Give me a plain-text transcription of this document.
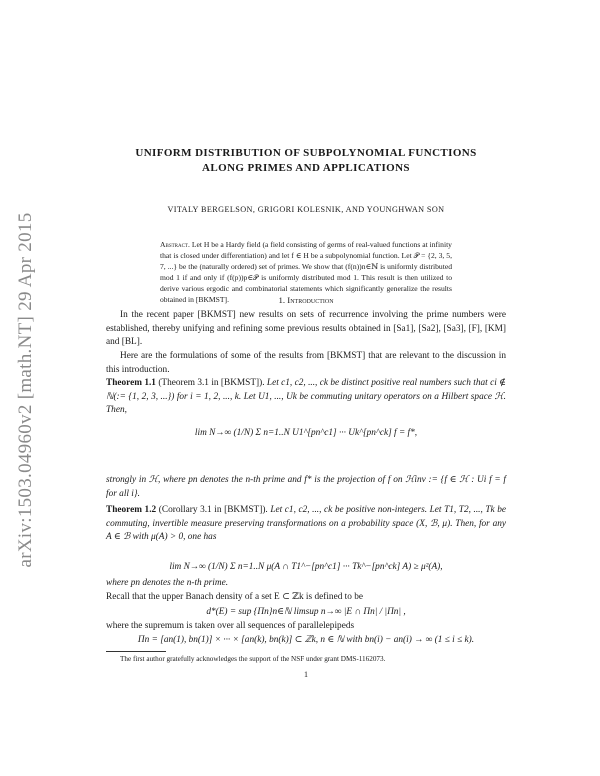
arXiv:1503.04960v2 [math.NT] 29 Apr 2015
UNIFORM DISTRIBUTION OF SUBPOLYNOMIAL FUNCTIONS
ALONG PRIMES AND APPLICATIONS
VITALY BERGELSON, GRIGORI KOLESNIK, AND YOUNGHWAN SON
Abstract. Let H be a Hardy field (a field consisting of germs of real-valued functions at infinity that is closed under differentiation) and let f ∈ H be a subpolynomial function. Let 𝒫 = {2, 3, 5, 7, ...} be the (naturally ordered) set of primes. We show that (f(n))n∈ℕ is uniformly distributed mod 1 if and only if (f(p))p∈𝒫 is uniformly distributed mod 1. This result is then utilized to derive various ergodic and combinatorial statements which significantly generalize the results obtained in [BKMST].	1. Introduction
In the recent paper [BKMST] new results on sets of recurrence involving the prime numbers were established, thereby unifying and refining some previous results obtained in [Sa1], [Sa2], [Sa3], [F], [KM] and [BL].
Here are the formulations of some of the results from [BKMST] that are relevant to the discussion in this introduction.
Theorem 1.1 (Theorem 3.1 in [BKMST]). Let c1, c2, ..., ck be distinct positive real numbers such that ci ∉ ℕ(:= {1, 2, 3, ...}) for i = 1, 2, ..., k. Let U1, ..., Uk be commuting unitary operators on a Hilbert space ℋ. Then,
lim N→∞ (1/N) Σ n=1..N U1^[pn^c1] ··· Uk^[pn^ck] f = f*,
strongly in ℋ, where pn denotes the n-th prime and f* is the projection of f on ℋinv := {f ∈ ℋ : Ui f = f for all i}.
Theorem 1.2 (Corollary 3.1 in [BKMST]). Let c1, c2, ..., ck be positive non-integers. Let T1, T2, ..., Tk be commuting, invertible measure preserving transformations on a probability space (X, ℬ, μ). Then, for any A ∈ ℬ with μ(A) > 0, one has
lim N→∞ (1/N) Σ n=1..N μ(A ∩ T1^−[pn^c1] ··· Tk^−[pn^ck] A) ≥ μ²(A),
where pn denotes the n-th prime.
Recall that the upper Banach density of a set E ⊂ ℤk is defined to be
d*(E) = sup {Πn}n∈ℕ limsup n→∞ |E ∩ Πn| / |Πn| ,
where the supremum is taken over all sequences of parallelepipeds
Πn = [an(1), bn(1)] × ··· × [an(k), bn(k)] ⊂ ℤk, n ∈ ℕ with bn(i) − an(i) → ∞ (1 ≤ i ≤ k).
The first author gratefully acknowledges the support of the NSF under grant DMS-1162073.
1
